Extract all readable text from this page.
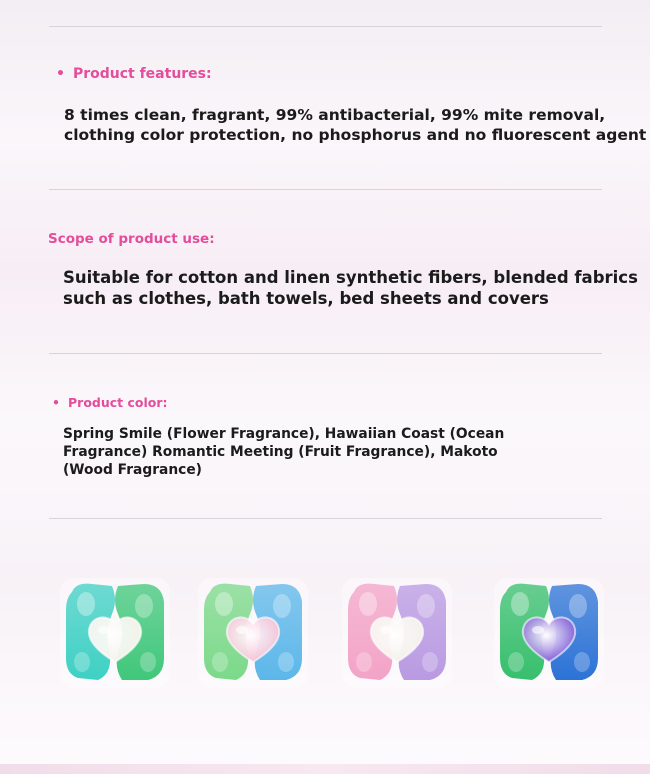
• Product features:
8 times clean, fragrant, 99% antibacterial, 99% mite removal,
clothing color protection, no phosphorus and no fluorescent agent
Scope of product use:
Suitable for cotton and linen synthetic fibers, blended fabrics
such as clothes, bath towels, bed sheets and covers
• Product color:
Spring Smile (Flower Fragrance), Hawaiian Coast (Ocean
Fragrance) Romantic Meeting (Fruit Fragrance), Makoto
(Wood Fragrance)
